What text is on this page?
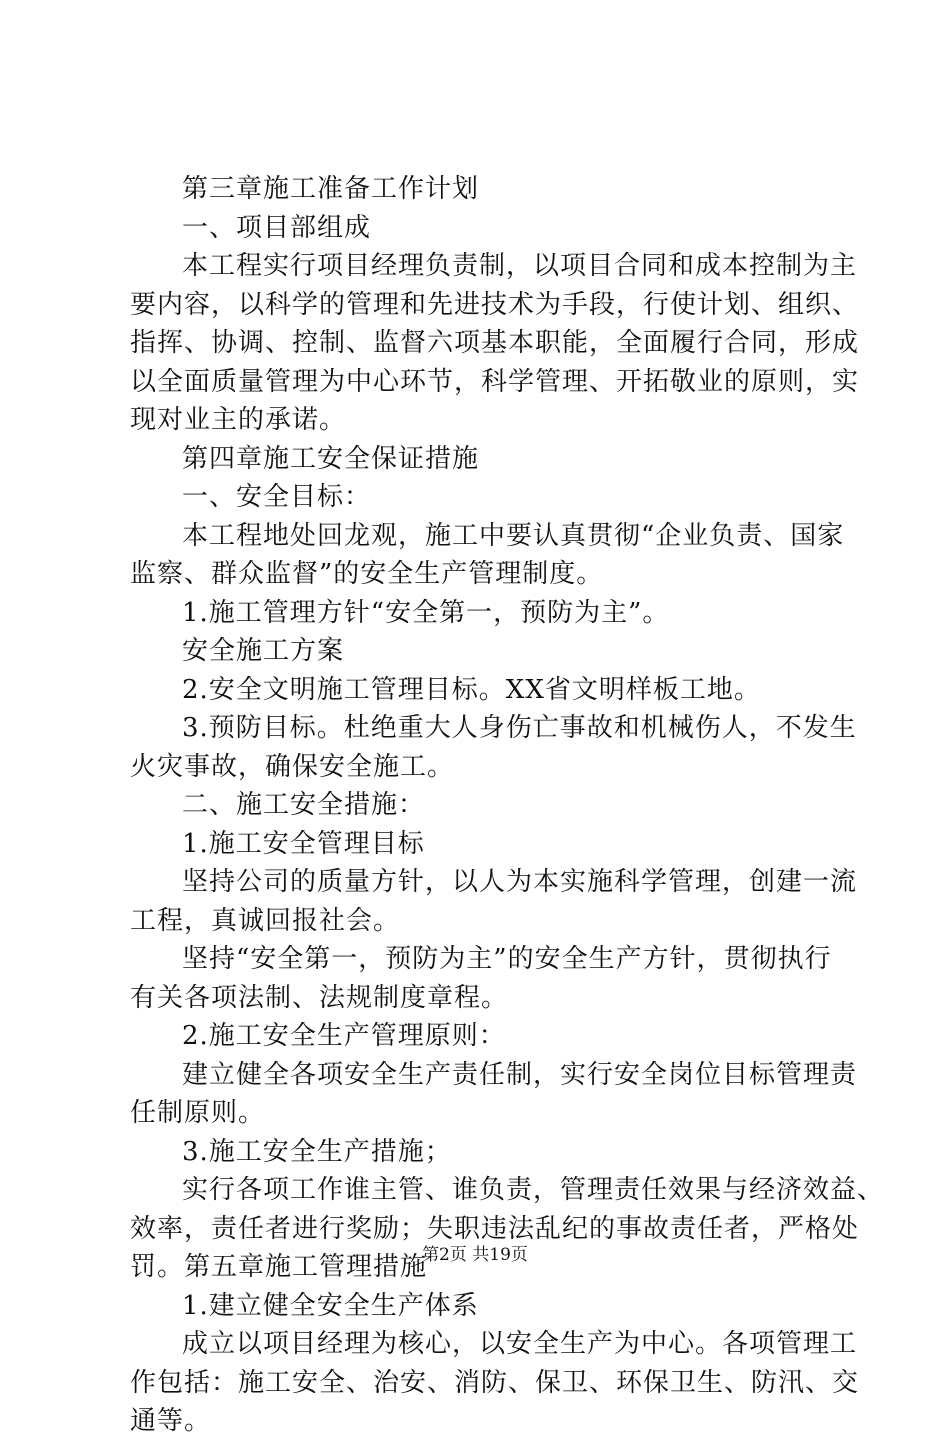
第三章施工准备工作计划
一、项目部组成
本工程实行项目经理负责制，以项目合同和成本控制为主
要内容，以科学的管理和先进技术为手段，行使计划、组织、
指挥、协调、控制、监督六项基本职能，全面履行合同，形成
以全面质量管理为中心环节，科学管理、开拓敬业的原则，实
现对业主的承诺。
第四章施工安全保证措施
一、安全目标：
本工程地处回龙观，施工中要认真贯彻“企业负责、国家
监察、群众监督”的安全生产管理制度。
1.施工管理方针“安全第一，预防为主”。
安全施工方案
2.安全文明施工管理目标。XX省文明样板工地。
3.预防目标。杜绝重大人身伤亡事故和机械伤人，不发生
火灾事故，确保安全施工。
二、施工安全措施：
1.施工安全管理目标
坚持公司的质量方针，以人为本实施科学管理，创建一流
工程，真诚回报社会。
坚持“安全第一，预防为主”的安全生产方针，贯彻执行
有关各项法制、法规制度章程。
2.施工安全生产管理原则：
建立健全各项安全生产责任制，实行安全岗位目标管理责
任制原则。
3.施工安全生产措施；
实行各项工作谁主管、谁负责，管理责任效果与经济效益、
效率，责任者进行奖励；失职违法乱纪的事故责任者，严格处
罚。第五章施工管理措施
1.建立健全安全生产体系
成立以项目经理为核心，以安全生产为中心。各项管理工
作包括：施工安全、治安、消防、保卫、环保卫生、防汛、交
通等。
第2页 共19页
